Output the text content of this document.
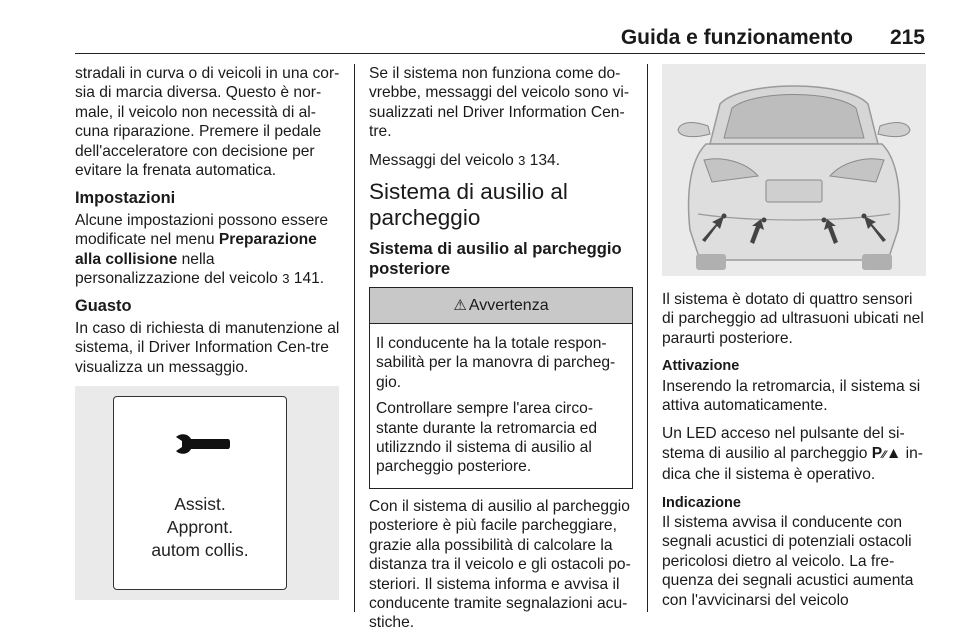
Guida e funzionamento 215

stradali in curva o di veicoli in una cor-sia di marcia diversa. Questo è nor-male, il veicolo non necessità di al-cuna riparazione. Premere il pedale dell'acceleratore con decisione per evitare la frenata automatica.

Impostazioni

Alcune impostazioni possono essere modificate nel menu Preparazione alla collisione nella personalizzazione del veicolo 3 141.

Guasto

In caso di richiesta di manutenzione al sistema, il Driver Information Cen-tre visualizza un messaggio.

Assist.
Appront.
autom collis.

Se il sistema non funziona come do-vrebbe, messaggi del veicolo sono vi-sualizzati nel Driver Information Cen-tre.

Messaggi del veicolo 3 134.

Sistema di ausilio al parcheggio
Sistema di ausilio al parcheggio posteriore
⚠ Avvertenza

Il conducente ha la totale respon-sabilità per la manovra di parcheg-gio.

Controllare sempre l'area circo-stante durante la retromarcia ed utilizzndo il sistema di ausilio al parcheggio posteriore.

Con il sistema di ausilio al parcheggio posteriore è più facile parcheggiare, grazie alla possibilità di calcolare la distanza tra il veicolo e gli ostacoli po-steriori. Il sistema informa e avvisa il conducente tramite segnalazioni acu-stiche.

Il sistema è dotato di quattro sensori di parcheggio ad ultrasuoni ubicati nel paraurti posteriore.

Attivazione

Inserendo la retromarcia, il sistema si attiva automaticamente.

Un LED acceso nel pulsante del si-stema di ausilio al parcheggio P⁄⁄▲ in-dica che il sistema è operativo.

Indicazione

Il sistema avvisa il conducente con segnali acustici di potenziali ostacoli pericolosi dietro al veicolo. La fre-quenza dei segnali acustici aumenta con l'avvicinarsi del veicolo
